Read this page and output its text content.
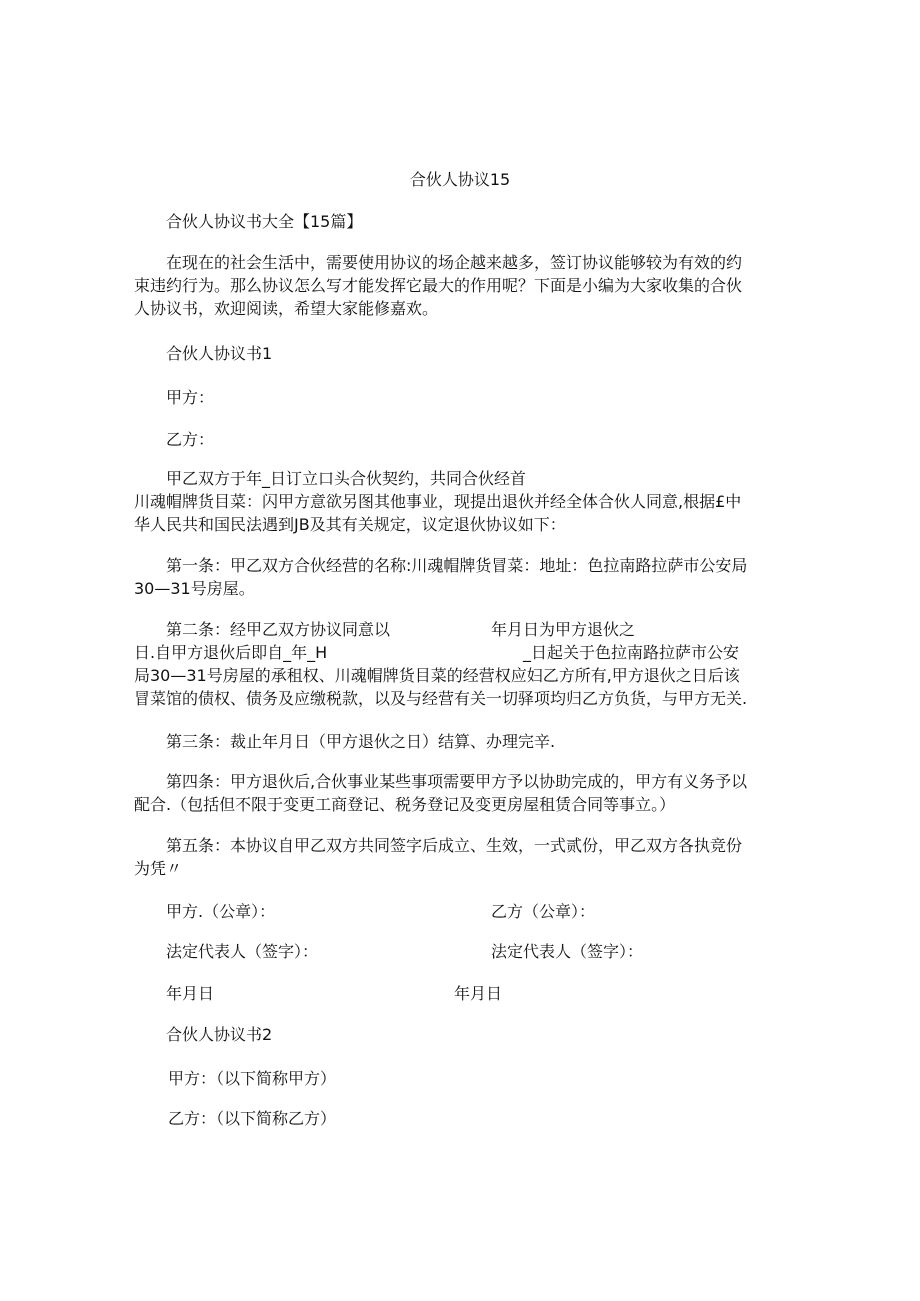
合伙人协议15
合伙人协议书大全【15篇】
在现在的社会生活中，需要使用协议的场企越来越多，签订协议能够较为有效的约
束违约行为。那么协议怎么写才能发挥它最大的作用呢？下面是小编为大家收集的合伙
人协议书，欢迎阅读，希望大家能修嘉欢。
合伙人协议书1
甲方：
乙方：
甲乙双方于年_日订立口头合伙契约，共同合伙经首
川魂帽牌货目菜：闪甲方意欲另图其他事业，现提出退伙并经全体合伙人同意,根据£中
华人民共和国民法遇到JB及其有关规定，议定退伙协议如下：
第一条：甲乙双方合伙经营的名称:川魂帽牌货冒菜：地址：色拉南路拉萨巿公安局
30—31号房屋。
第二条：经甲乙双方协议同意以	年月日为甲方退伙之
日.自甲方退伙后即自_年_H	_日起关于色拉南路拉萨市公安
局30—31号房屋的承租权、川魂帽牌货目菜的经营权应妇乙方所有,甲方退伙之日后该
冒菜馆的债权、债务及应缴税款，以及与经营有关一切驿项均归乙方负货，与甲方无关.
第三条：裁止年月日（甲方退伙之日）结算、办理完辛.
第四条：甲方退伙后,合伙事业某些事项需要甲方予以协助完成的，甲方有义务予以
配合.（包括但不限于变更工商登记、税务登记及变更房屋租赁合同等事立。）
第五条：本协议自甲乙双方共同签字后成立、生效，一式贰份，甲乙双方各执竞份
为凭〃
甲方.（公章）：	乙方（公章）：
法定代表人（签字）：	法定代表人（签字）：
年月日	年月日
合伙人协议书2
甲方：（以下简称甲方）
乙方：（以下简称乙方）
